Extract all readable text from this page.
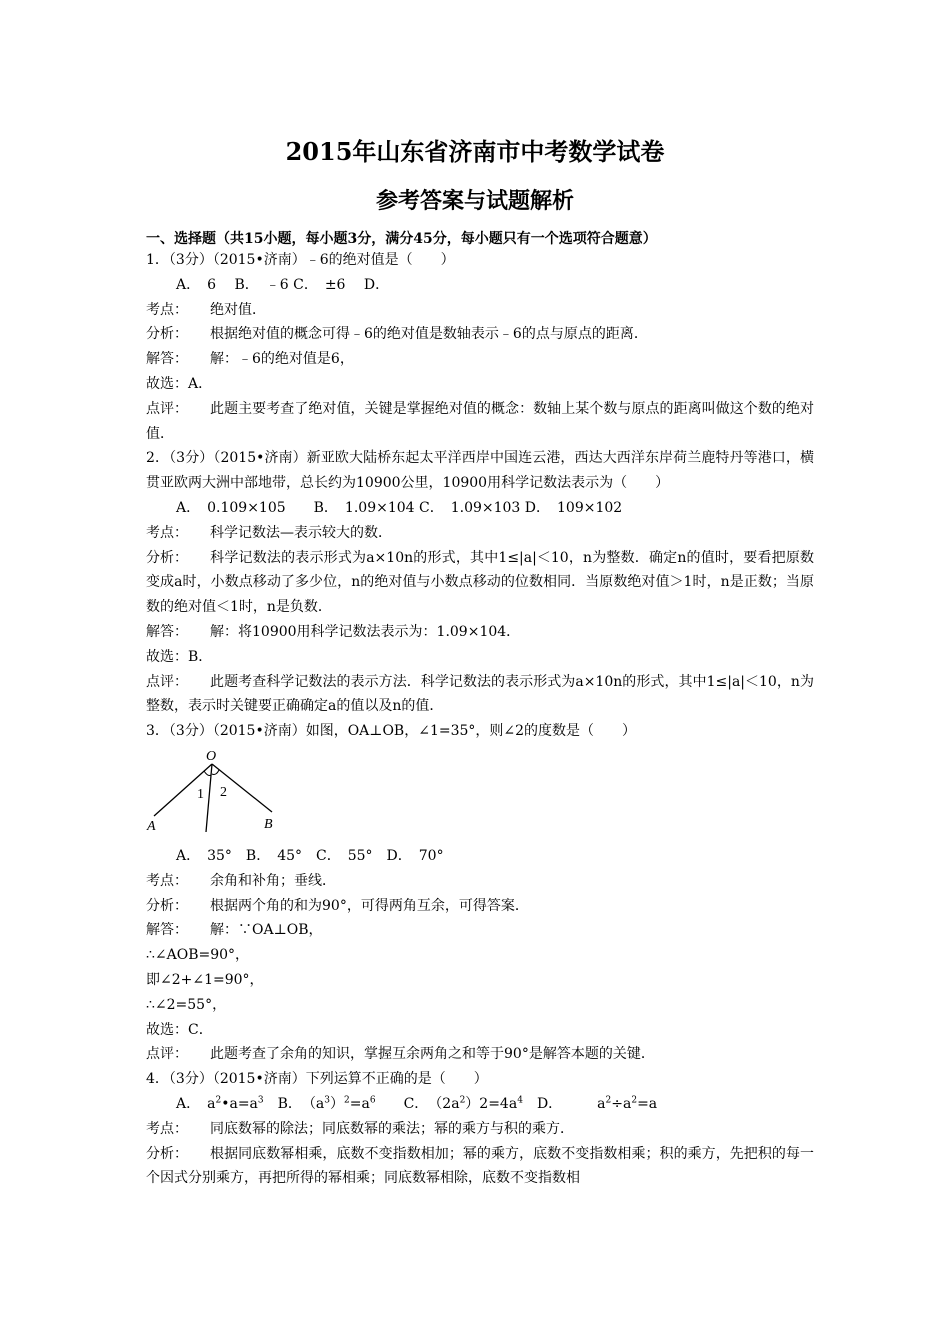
2015年山东省济南市中考数学试卷
参考答案与试题解析
一、选择题（共15小题，每小题3分，满分45分，每小题只有一个选项符合题意）
1．（3分）（2015•济南）﹣6的绝对值是（　　）
A．　6　 B．　﹣6 C．　±6　 D．
考点： 绝对值．
分析： 根据绝对值的概念可得﹣6的绝对值是数轴表示﹣6的点与原点的距离．
解答： 解：﹣6的绝对值是6，
故选：A．
点评： 此题主要考查了绝对值，关键是掌握绝对值的概念：数轴上某个数与原点的距离叫做这个数的绝对值．
2．（3分）（2015•济南）新亚欧大陆桥东起太平洋西岸中国连云港，西达大西洋东岸荷兰鹿特丹等港口，横贯亚欧两大洲中部地带，总长约为10900公里，10900用科学记数法表示为（　　）
A．　0.109×105　　B．　1.09×104 C．　1.09×103 D．　109×102
考点： 科学记数法—表示较大的数．
分析： 科学记数法的表示形式为a×10n的形式，其中1≤|a|＜10，n为整数．确定n的值时，要看把原数变成a时，小数点移动了多少位，n的绝对值与小数点移动的位数相同．当原数绝对值＞1时，n是正数；当原数的绝对值＜1时，n是负数．
解答： 解：将10900用科学记数法表示为：1.09×104．
故选：B．
点评： 此题考查科学记数法的表示方法．科学记数法的表示形式为a×10n的形式，其中1≤|a|＜10，n为整数，表示时关键要正确确定a的值以及n的值．
3．（3分）（2015•济南）如图，OA⊥OB，∠1=35°，则∠2的度数是（　　）
O
A	B
1 2
A．　35°　B．　45°　C．　55°　D．　70°
考点： 余角和补角；垂线．
分析： 根据两个角的和为90°，可得两角互余，可得答案．
解答： 解：∵OA⊥OB，
∴∠AOB=90°，
即∠2+∠1=90°，
∴∠2=55°，
故选：C．
点评： 此题考查了余角的知识，掌握互余两角之和等于90°是解答本题的关键．
4．（3分）（2015•济南）下列运算不正确的是（　　）
A．　 $a^2•a=a^3$　 B．　 $(a^3)^2=a^6$　　 C．　 $(2a^2)2=4a^4$　 D．　　　	$a^2\div a^2=a$
考点： 同底数幂的除法；同底数幂的乘法；幂的乘方与积的乘方．
分析： 根据同底数幂相乘，底数不变指数相加；幂的乘方，底数不变指数相乘；积的乘方，先把积的每一个因式分别乘方，再把所得的幂相乘；同底数幂相除，底数不变指数相
